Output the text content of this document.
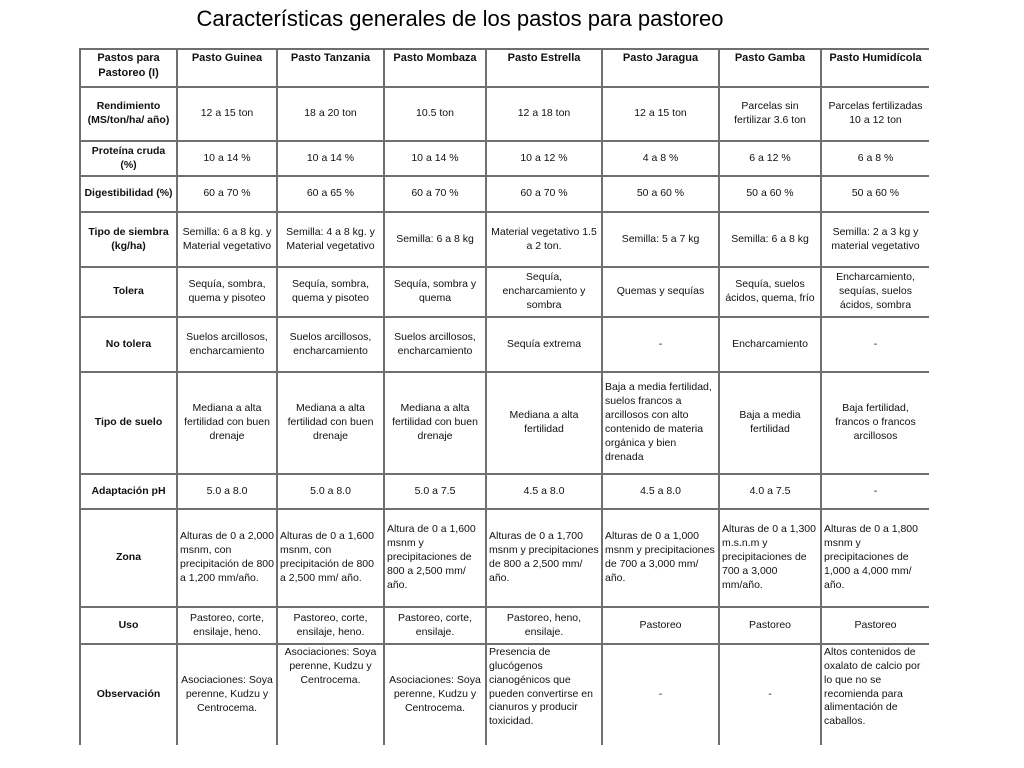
Características generales de los pastos para pastoreo
Pastos para Pastoreo (I)	Pasto Guinea	Pasto Tanzania	Pasto Mombaza	Pasto Estrella	Pasto Jaragua	Pasto Gamba	Pasto Humidícola
Rendimiento (MS/ton/ha/ año)	12 a 15 ton	18 a 20 ton	10.5 ton	12 a 18 ton	12 a 15 ton	Parcelas sin fertilizar 3.6 ton	Parcelas fertilizadas 10 a 12 ton
Proteína cruda (%)	10 a 14 %	10 a 14 %	10 a 14 %	10 a 12 %	4 a 8 %	6 a 12 %	6 a 8 %
Digestibilidad (%)	60 a 70 %	60 a 65 %	60 a 70 %	60 a 70 %	50 a 60 %	50 a 60 %	50 a 60 %
Tipo de siembra (kg/ha)	Semilla: 6 a 8 kg. y Material vegetativo	Semilla: 4 a 8 kg. y Material vegetativo	Semilla: 6 a 8 kg	Material vegetativo 1.5 a 2 ton.	Semilla: 5 a 7 kg	Semilla: 6 a 8 kg	Semilla: 2 a 3 kg y material vegetativo
Tolera	Sequía, sombra, quema y pisoteo	Sequía, sombra, quema y pisoteo	Sequía, sombra y quema	Sequía, encharcamiento y sombra	Quemas y sequías	Sequía, suelos ácidos, quema, frío	Encharcamiento, sequías, suelos ácidos, sombra
No tolera	Suelos arcillosos, encharcamiento	Suelos arcillosos, encharcamiento	Suelos arcillosos, encharcamiento	Sequía extrema	-	Encharcamiento	-
Tipo de suelo	Mediana a alta fertilidad con buen drenaje	Mediana a alta fertilidad con buen drenaje	Mediana a alta fertilidad con buen drenaje	Mediana a alta fertilidad	Baja a media fertilidad, suelos francos a arcillosos con alto contenido de materia orgánica y bien drenada	Baja a media fertilidad	Baja fertilidad, francos o francos arcillosos
Adaptación pH	5.0 a 8.0	5.0 a 8.0	5.0 a 7.5	4.5 a 8.0	4.5 a 8.0	4.0 a 7.5	-
Zona	Alturas de 0 a 2,000 msnm, con precipitación de 800 a 1,200 mm/año.	Alturas de 0 a 1,600 msnm, con precipitación de 800 a 2,500 mm/ año.	Altura de 0 a 1,600 msnm y precipitaciones de 800 a 2,500 mm/ año.	Alturas de 0 a 1,700 msnm y precipitaciones de 800 a 2,500 mm/ año.	Alturas de 0 a 1,000 msnm y precipitaciones de 700 a 3,000 mm/ año.	Alturas de 0 a 1,300 m.s.n.m y precipitaciones de 700 a 3,000 mm/año.	Alturas de 0 a 1,800 msnm y precipitaciones de 1,000 a 4,000 mm/ año.
Uso	Pastoreo, corte, ensilaje, heno.	Pastoreo, corte, ensilaje, heno.	Pastoreo, corte, ensilaje.	Pastoreo, heno, ensilaje.	Pastoreo	Pastoreo	Pastoreo
Observación	Asociaciones: Soya perenne, Kudzu y Centrocema.	Asociaciones: Soya perenne, Kudzu y Centrocema.	Asociaciones: Soya perenne, Kudzu y Centrocema.	Presencia de glucógenos cianogénicos que pueden convertirse en cianuros y producir toxicidad.	-	-	Altos contenidos de oxalato de calcio por lo que no se recomienda para alimentación de caballos.
